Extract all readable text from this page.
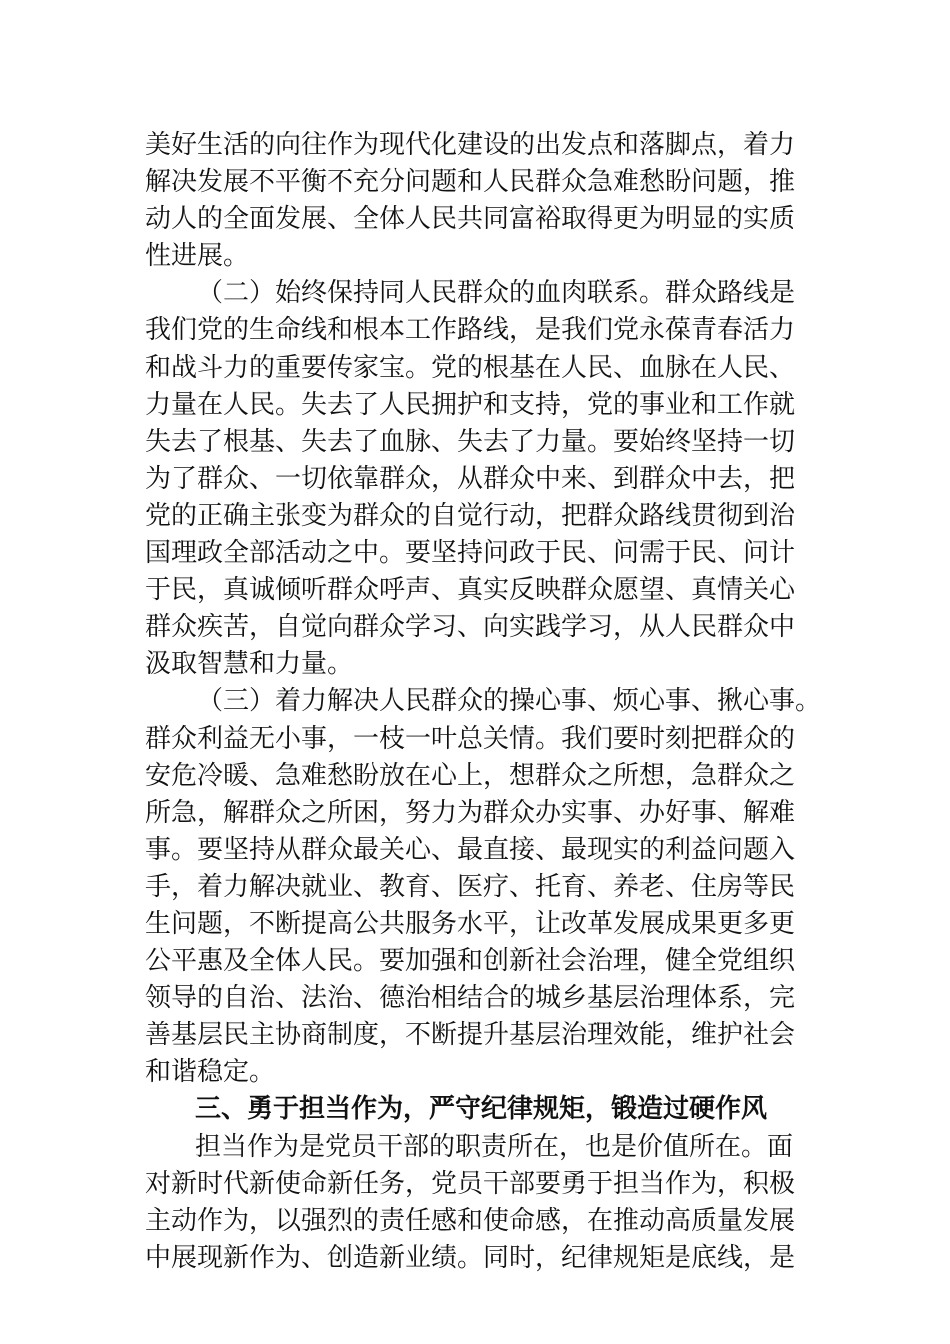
美好生活的向往作为现代化建设的出发点和落脚点，着力
解决发展不平衡不充分问题和人民群众急难愁盼问题，推
动人的全面发展、全体人民共同富裕取得更为明显的实质
性进展。
（二）始终保持同人民群众的血肉联系。群众路线是
我们党的生命线和根本工作路线，是我们党永葆青春活力
和战斗力的重要传家宝。党的根基在人民、血脉在人民、
力量在人民。失去了人民拥护和支持，党的事业和工作就
失去了根基、失去了血脉、失去了力量。要始终坚持一切
为了群众、一切依靠群众，从群众中来、到群众中去，把
党的正确主张变为群众的自觉行动，把群众路线贯彻到治
国理政全部活动之中。要坚持问政于民、问需于民、问计
于民，真诚倾听群众呼声、真实反映群众愿望、真情关心
群众疾苦，自觉向群众学习、向实践学习，从人民群众中
汲取智慧和力量。
（三）着力解决人民群众的操心事、烦心事、揪心事。
群众利益无小事，一枝一叶总关情。我们要时刻把群众的
安危冷暖、急难愁盼放在心上，想群众之所想，急群众之
所急，解群众之所困，努力为群众办实事、办好事、解难
事。要坚持从群众最关心、最直接、最现实的利益问题入
手，着力解决就业、教育、医疗、托育、养老、住房等民
生问题，不断提高公共服务水平，让改革发展成果更多更
公平惠及全体人民。要加强和创新社会治理，健全党组织
领导的自治、法治、德治相结合的城乡基层治理体系，完
善基层民主协商制度，不断提升基层治理效能，维护社会
和谐稳定。
三、勇于担当作为，严守纪律规矩，锻造过硬作风
担当作为是党员干部的职责所在，也是价值所在。面
对新时代新使命新任务，党员干部要勇于担当作为，积极
主动作为，以强烈的责任感和使命感，在推动高质量发展
中展现新作为、创造新业绩。同时，纪律规矩是底线，是
